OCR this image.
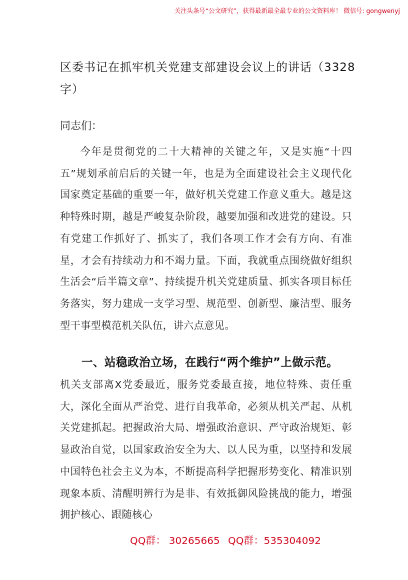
关注头条号“公文研究”，获得最新最全最专业的公文资料库！ 微信号: gongwenyj
区委书记在抓牢机关党建支部建设会议上的讲话（3328字）
同志们：

今年是贯彻党的二十大精神的关键之年，又是实施“十四五”规划承前启后的关键一年，也是为全面建设社会主义现代化国家奠定基础的重要一年，做好机关党建工作意义重大。越是这种特殊时期，越是严峻复杂阶段，越要加强和改进党的建设。只有党建工作抓好了、抓实了，我们各项工作才会有方向、有准星，才会有持续动力和不竭力量。下面，我就重点围绕做好组织生活会“后半篇文章”、持续提升机关党建质量、抓实各项目标任务落实，努力建成一支学习型、规范型、创新型、廉洁型、服务型干事型模范机关队伍，讲六点意见。

一、站稳政治立场，在践行“两个维护”上做示范。

机关支部离X党委最近，服务党委最直接，地位特殊、责任重大，深化全面从严治党、进行自我革命，必须从机关严起、从机关党建抓起。把握政治大局、增强政治意识、严守政治规矩、彰显政治自觉，以国家政治安全为大、以人民为重，以坚持和发展中国特色社会主义为本，不断提高科学把握形势变化、精准识别现象本质、清醒明辨行为是非、有效抵御风险挑战的能力，增强拥护核心、跟随核心

QQ群： 30265665 QQ群：535304092
